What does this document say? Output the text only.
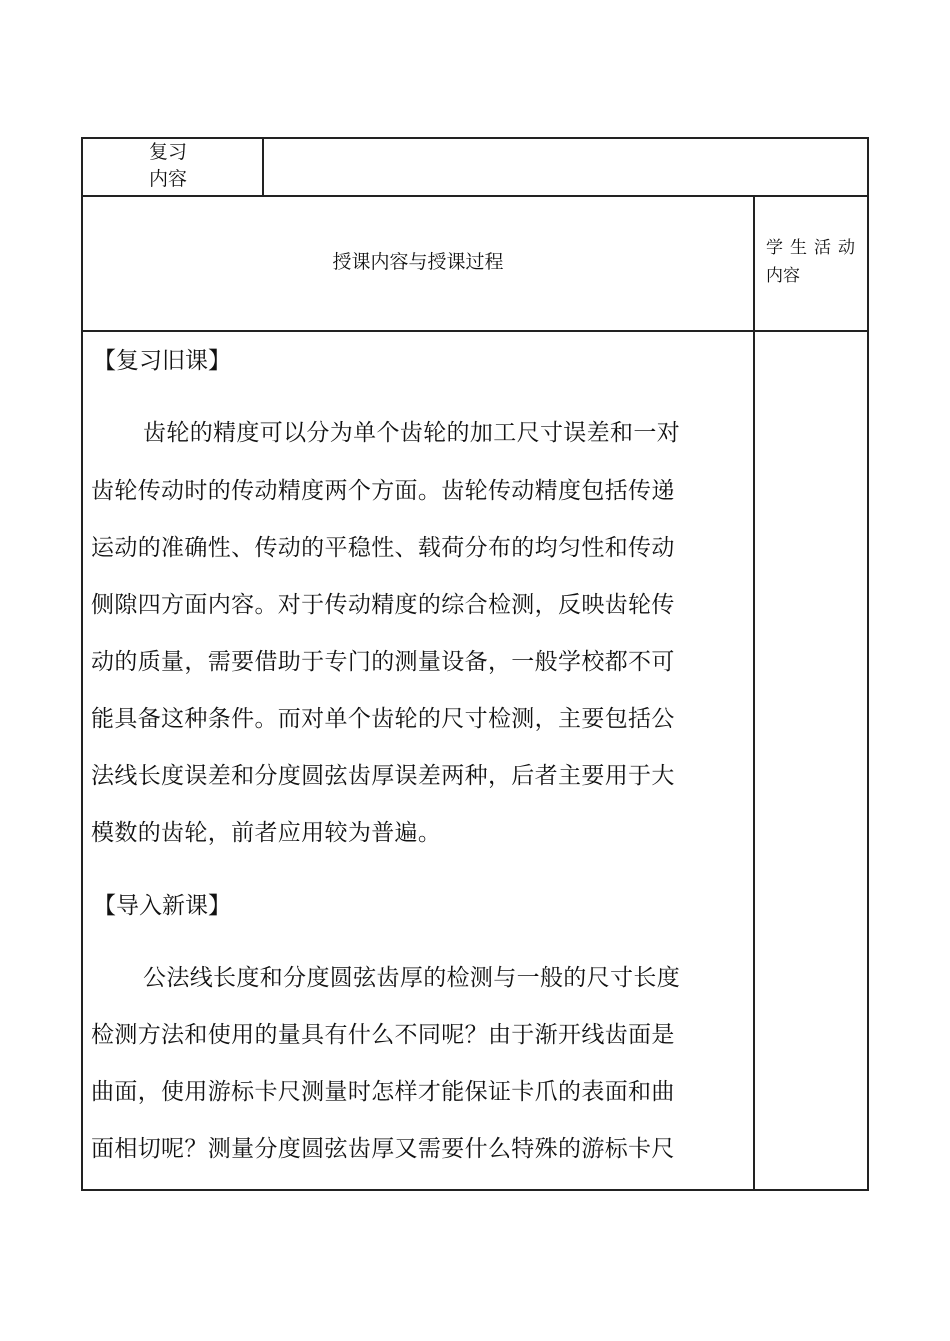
复习
内容
授课内容与授课过程
学生活动
内容
【复习旧课】
齿轮的精度可以分为单个齿轮的加工尺寸误差和一对
齿轮传动时的传动精度两个方面。齿轮传动精度包括传递
运动的准确性、传动的平稳性、载荷分布的均匀性和传动
侧隙四方面内容。对于传动精度的综合检测，反映齿轮传
动的质量，需要借助于专门的测量设备，一般学校都不可
能具备这种条件。而对单个齿轮的尺寸检测，主要包括公
法线长度误差和分度圆弦齿厚误差两种，后者主要用于大
模数的齿轮，前者应用较为普遍。
【导入新课】
公法线长度和分度圆弦齿厚的检测与一般的尺寸长度
检测方法和使用的量具有什么不同呢？由于渐开线齿面是
曲面，使用游标卡尺测量时怎样才能保证卡爪的表面和曲
面相切呢？测量分度圆弦齿厚又需要什么特殊的游标卡尺
